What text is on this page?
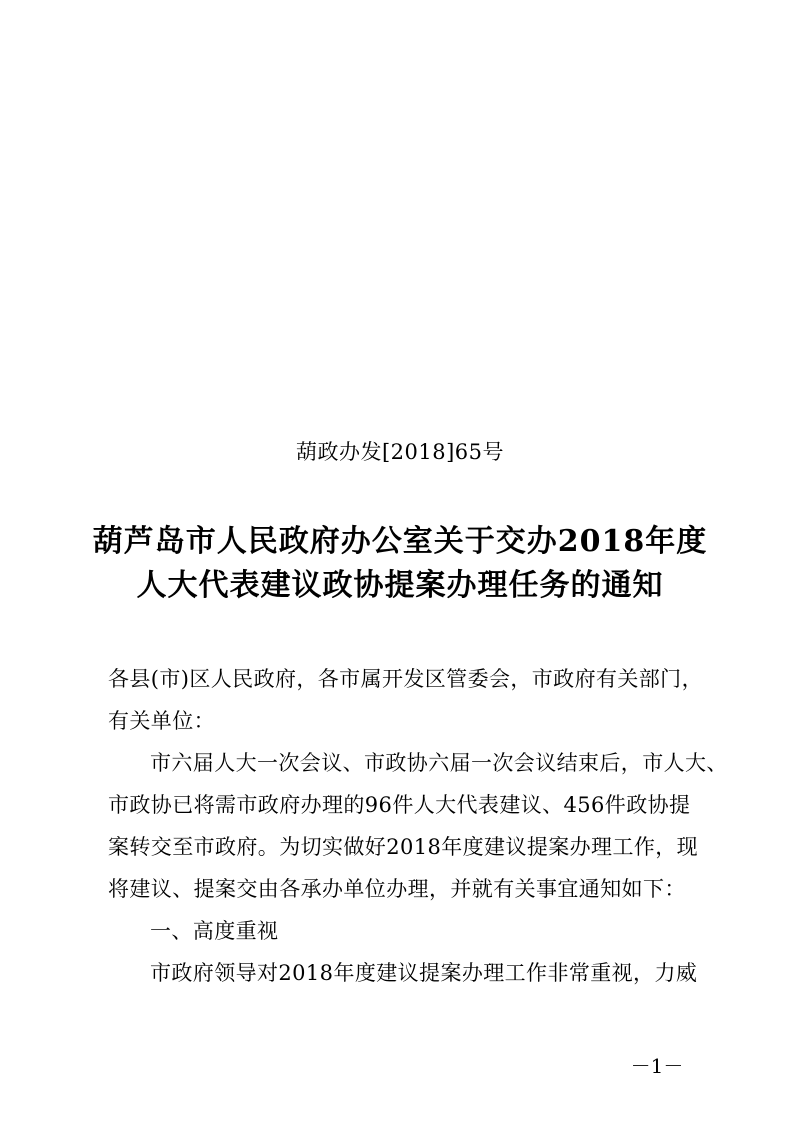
葫政办发[2018]65号
葫芦岛市人民政府办公室关于交办2018年度
人大代表建议政协提案办理任务的通知
各县(市)区人民政府，各市属开发区管委会，市政府有关部门，
有关单位：
市六届人大一次会议、市政协六届一次会议结束后，市人大、
市政协已将需市政府办理的96件人大代表建议、456件政协提
案转交至市政府。为切实做好2018年度建议提案办理工作，现
将建议、提案交由各承办单位办理，并就有关事宜通知如下：
一、高度重视
市政府领导对2018年度建议提案办理工作非常重视，力威
－1－
